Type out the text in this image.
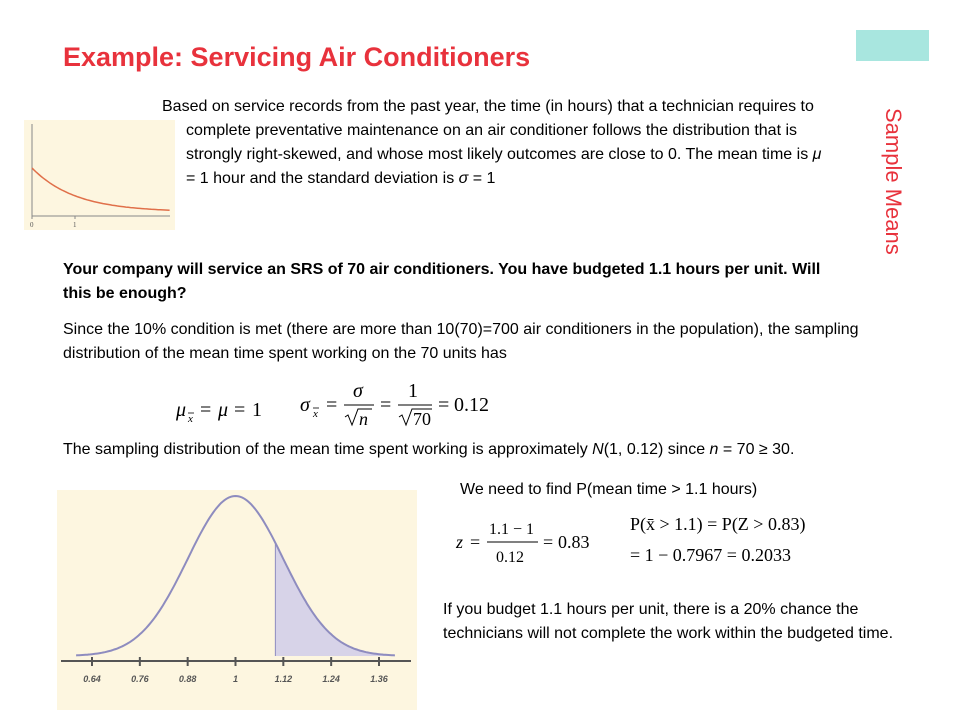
Example: Servicing Air Conditioners
Sample Means
0	1

Based on service records from the past year, the time (in hours) that a technician requires to complete preventative maintenance on an air conditioner follows the distribution that is strongly right-skewed, and whose most likely outcomes are close to 0. The mean time is μ = 1 hour and the standard deviation is σ = 1

Your company will service an SRS of 70 air conditioners. You have budgeted 1.1 hours per unit. Will this be enough?
Since the 10% condition is met (there are more than 10(70)=700 air conditioners in the population), the sampling distribution of the mean time spent working on the 70 units has
μ x = μ = 1 σ x =
σ
n
=
1
70
= 0.12
The sampling distribution of the mean time spent working is approximately N(1, 0.12) since n = 70 ≥ 30.
We need to find P(mean time > 1.1 hours)
z =
1.1 − 1
0.12
= 0.83
P(x̄ > 1.1) = P(Z > 0.83)
= 1 − 0.7967 = 0.2033
If you budget 1.1 hours per unit, there is a 20% chance the technicians will not complete the work within the budgeted time.
0.64	0.76	0.88	1	1.12	1.24	1.36
